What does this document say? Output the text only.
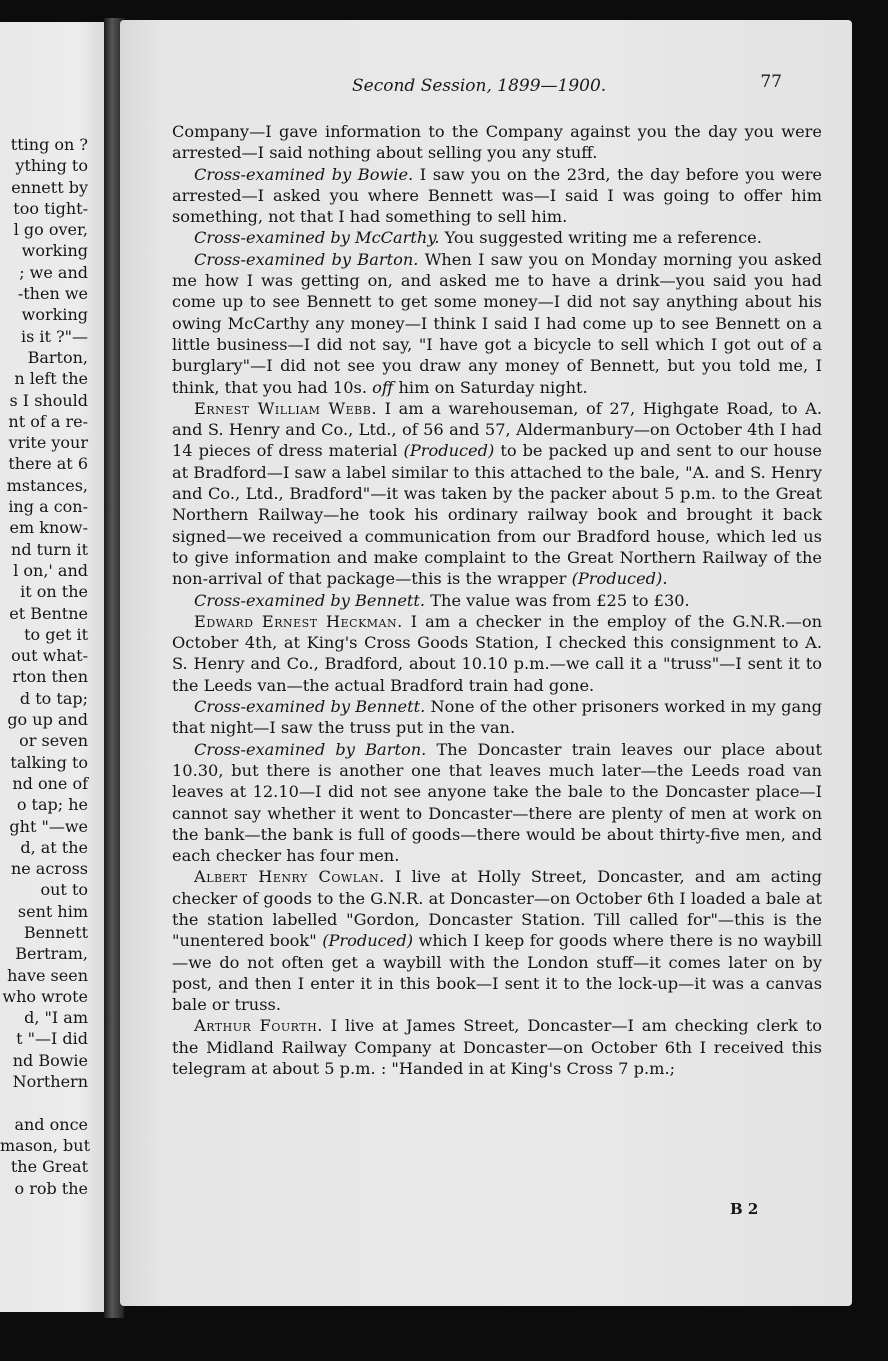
tting on ?
ything to
ennett by
too tight-
l go over,
working
; we and
-then we
working
is it ?"—
Barton,
n left the
s I should
nt of a re-
vrite your
there at 6
mstances,
ing a con-
em know-
nd turn it
l on,' and
it on the
et Bentne
to get it
out what-
rton then
d to tap;
go up and
or seven
talking to
nd one of
o tap; he
ght "—we
d, at the
ne across
out to
sent him
Bennett
Bertram,
have seen
who wrote
d, "I am
t "—I did
nd Bowie
Northern
and once
mason, but
the Great
o rob the
Second Session, 1899—1900.	77

Company—I gave information to the Company against you the day you were arrested—I said nothing about selling you any stuff.

Cross-examined by Bowie. I saw you on the 23rd, the day before you were arrested—I asked you where Bennett was—I said I was going to offer him something, not that I had something to sell him.

Cross-examined by McCarthy. You suggested writing me a reference.

Cross-examined by Barton. When I saw you on Monday morning you asked me how I was getting on, and asked me to have a drink—you said you had come up to see Bennett to get some money—I did not say anything about his owing McCarthy any money—I think I said I had come up to see Bennett on a little business—I did not say, "I have got a bicycle to sell which I got out of a burglary"—I did not see you draw any money of Bennett, but you told me, I think, that you had 10s. off him on Saturday night.

Ernest William Webb. I am a warehouseman, of 27, Highgate Road, to A. and S. Henry and Co., Ltd., of 56 and 57, Aldermanbury—on October 4th I had 14 pieces of dress material (Produced) to be packed up and sent to our house at Bradford—I saw a label similar to this attached to the bale, "A. and S. Henry and Co., Ltd., Bradford"—it was taken by the packer about 5 p.m. to the Great Northern Railway—he took his ordinary railway book and brought it back signed—we received a communication from our Bradford house, which led us to give information and make complaint to the Great Northern Railway of the non-arrival of that package—this is the wrapper (Produced).

Cross-examined by Bennett. The value was from £25 to £30.

Edward Ernest Heckman. I am a checker in the employ of the G.N.R.—on October 4th, at King's Cross Goods Station, I checked this consignment to A. S. Henry and Co., Bradford, about 10.10 p.m.—we call it a "truss"—I sent it to the Leeds van—the actual Bradford train had gone.

Cross-examined by Bennett. None of the other prisoners worked in my gang that night—I saw the truss put in the van.

Cross-examined by Barton. The Doncaster train leaves our place about 10.30, but there is another one that leaves much later—the Leeds road van leaves at 12.10—I did not see anyone take the bale to the Doncaster place—I cannot say whether it went to Doncaster—there are plenty of men at work on the bank—the bank is full of goods—there would be about thirty-five men, and each checker has four men.

Albert Henry Cowlan. I live at Holly Street, Doncaster, and am acting checker of goods to the G.N.R. at Doncaster—on October 6th I loaded a bale at the station labelled "Gordon, Doncaster Station. Till called for"—this is the "unentered book" (Produced) which I keep for goods where there is no waybill—we do not often get a waybill with the London stuff—it comes later on by post, and then I enter it in this book—I sent it to the lock-up—it was a canvas bale or truss.

Arthur Fourth. I live at James Street, Doncaster—I am checking clerk to the Midland Railway Company at Doncaster—on October 6th I received this telegram at about 5 p.m. : "Handed in at King's Cross 7 p.m.;

B 2
